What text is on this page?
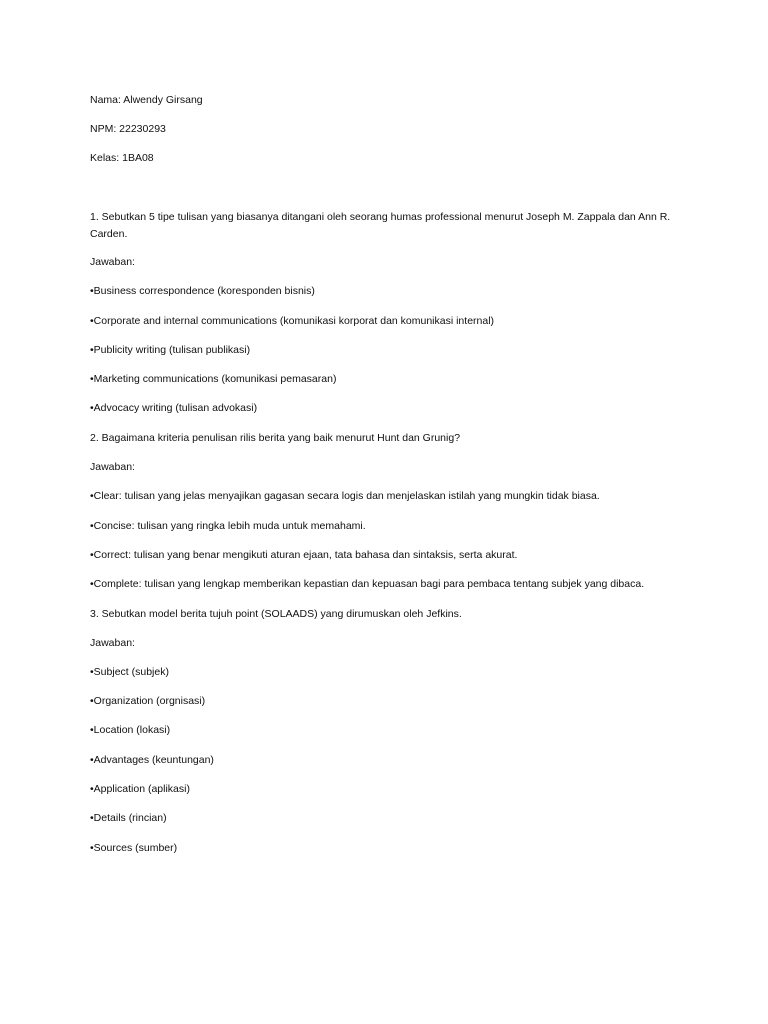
Nama: Alwendy Girsang
NPM: 22230293
Kelas: 1BA08
1. Sebutkan 5 tipe tulisan yang biasanya ditangani oleh seorang humas professional menurut Joseph M. Zappala dan Ann R. Carden.
Jawaban:
•Business correspondence (koresponden bisnis)
•Corporate and internal communications (komunikasi korporat dan komunikasi internal)
•Publicity writing (tulisan publikasi)
•Marketing communications (komunikasi pemasaran)
•Advocacy writing (tulisan advokasi)
2. Bagaimana kriteria penulisan rilis berita yang baik menurut Hunt dan Grunig?
Jawaban:
•Clear: tulisan yang jelas menyajikan gagasan secara logis dan menjelaskan istilah yang mungkin tidak biasa.
•Concise: tulisan yang ringka lebih muda untuk memahami.
•Correct: tulisan yang benar mengikuti aturan ejaan, tata bahasa dan sintaksis, serta akurat.
•Complete: tulisan yang lengkap memberikan kepastian dan kepuasan bagi para pembaca tentang subjek yang dibaca.
3. Sebutkan model berita tujuh point (SOLAADS) yang dirumuskan oleh Jefkins.
Jawaban:
•Subject (subjek)
•Organization (orgnisasi)
•Location (lokasi)
•Advantages (keuntungan)
•Application (aplikasi)
•Details (rincian)
•Sources (sumber)
